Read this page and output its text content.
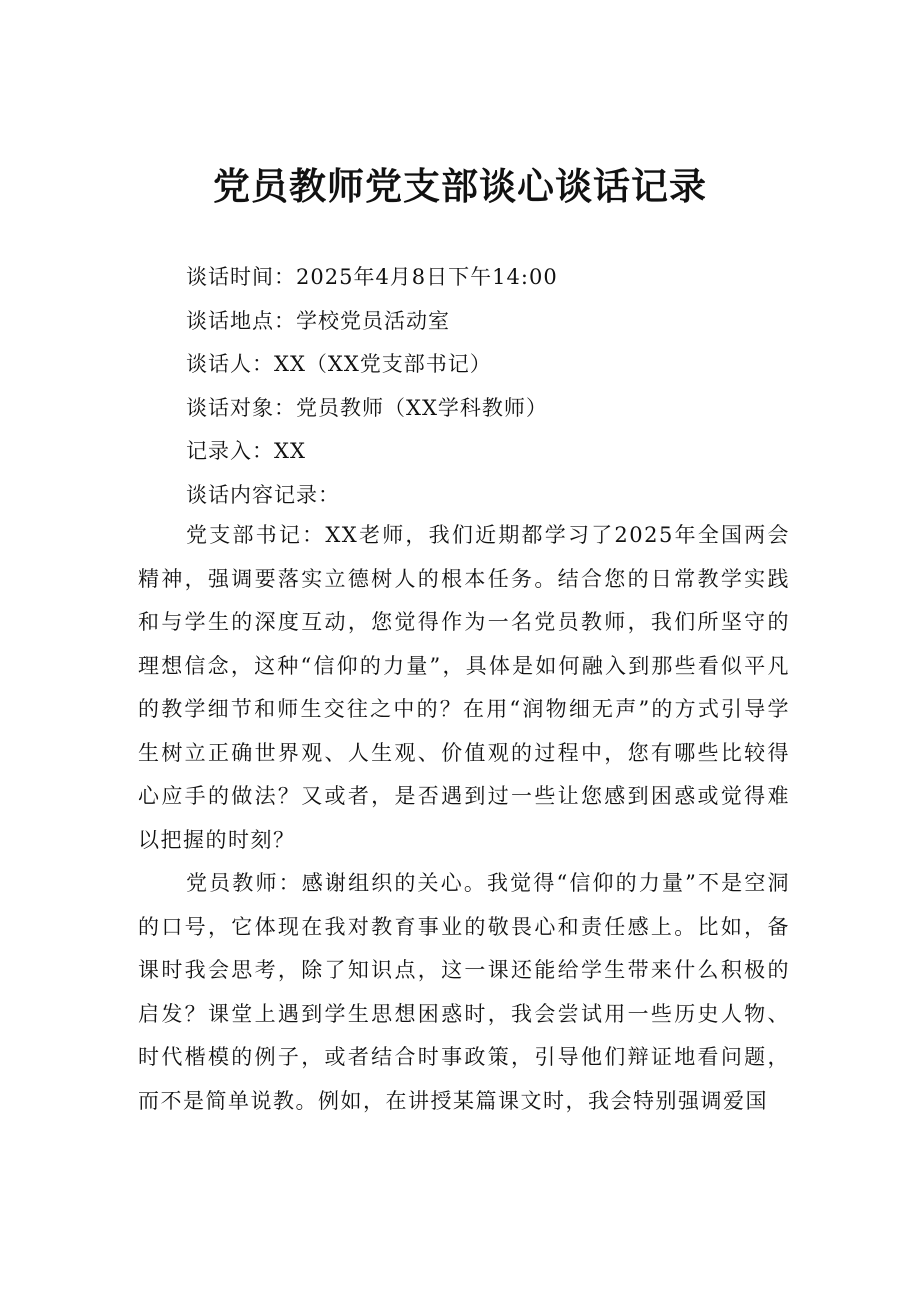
党员教师党支部谈心谈话记录
谈话时间：2025年4月8日下午14:00
谈话地点：学校党员活动室
谈话人：XX（XX党支部书记）
谈话对象：党员教师（XX学科教师）
记录入：XX
谈话内容记录：

党支部书记：XX老师，我们近期都学习了2025年全国两会精神，强调要落实立德树人的根本任务。结合您的日常教学实践和与学生的深度互动，您觉得作为一名党员教师，我们所坚守的理想信念，这种“信仰的力量”，具体是如何融入到那些看似平凡的教学细节和师生交往之中的？在用“润物细无声”的方式引导学生树立正确世界观、人生观、价值观的过程中，您有哪些比较得心应手的做法？又或者，是否遇到过一些让您感到困惑或觉得难以把握的时刻？

党员教师：感谢组织的关心。我觉得“信仰的力量”不是空洞的口号，它体现在我对教育事业的敬畏心和责任感上。比如，备课时我会思考，除了知识点，这一课还能给学生带来什么积极的启发？课堂上遇到学生思想困惑时，我会尝试用一些历史人物、时代楷模的例子，或者结合时事政策，引导他们辩证地看问题，而不是简单说教。例如，在讲授某篇课文时，我会特别强调爱国
